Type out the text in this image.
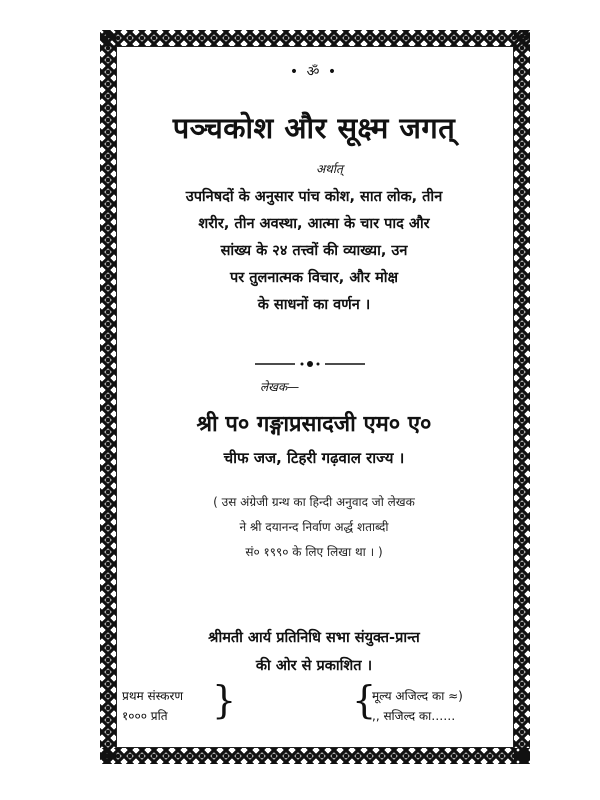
• ॐ •
पञ्चकोश और सूक्ष्म जगत्
अर्थात्
उपनिषदों के अनुसार पांच कोश, सात लोक, तीन
शरीर, तीन अवस्था, आत्मा के चार पाद और
सांख्य के २४ तत्त्वों की व्याख्या, उन
पर तुलनात्मक विचार, और मोक्ष
के साधनों का वर्णन ।
लेखक—
श्री प० गङ्गाप्रसादजी एम० ए०
चीफ जज, टिहरी गढ़वाल राज्य ।
( उस अंग्रेजी ग्रन्थ का हिन्दी अनुवाद जो लेखक
ने श्री दयानन्द निर्वाण अर्द्ध शताब्दी
सं० १९९० के लिए लिखा था । )
श्रीमती आर्य प्रतिनिधि सभा संयुक्त-प्रान्त
की ओर से प्रकाशित ।
प्रथम संस्करण
१००० प्रति	}	{
मूल्य अजिल्द का ≈)
,, सजिल्द का……
